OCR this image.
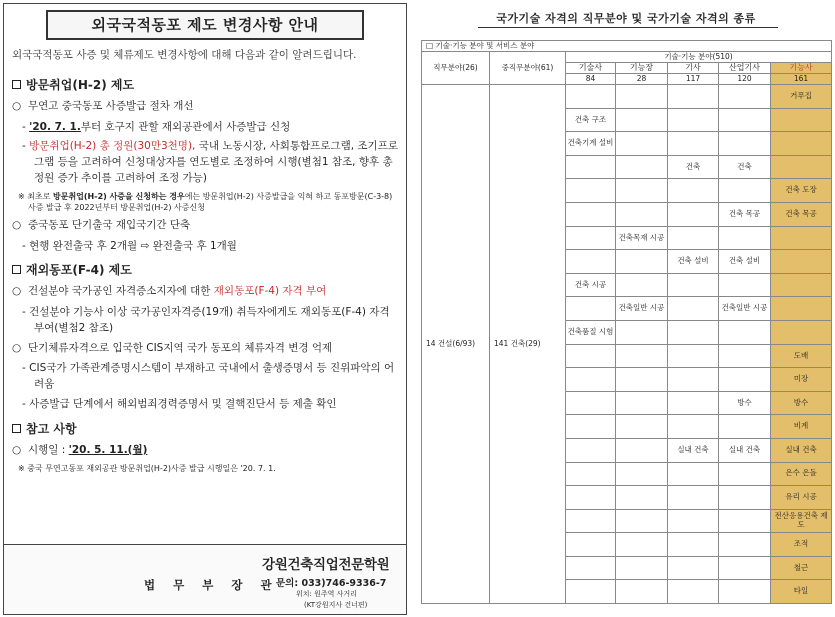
외국국적동포 제도 변경사항 안내
외국국적동포 사증 및 체류제도 변경사항에 대해 다음과 같이 알려드립니다.
방문취업(H-2) 제도
○ 무연고 중국동포 사증발급 절차 개선
- '20. 7. 1.부터 호구지 관할 재외공관에서 사증발급 신청
- 방문취업(H-2) 총 정원(30만3천명), 국내 노동시장, 사회통합프로그램, 조기프로그램 등을 고려하여 신청대상자를 연도별로 조정하여 시행(별첨1 참조, 향후 총 정원 증가 추이를 고려하여 조정 가능)
※ 최초로 방문취업(H-2) 사증을 신청하는 경우에는 방문취업(H-2) 사증발급을 익혀 하고 동포방문(C-3-8) 사증 발급 후 2022년부터 방문취업(H-2) 사증신청
○ 중국동포 단기출국 재입국기간 단축
- 현행 완전출국 후 2개월 ⇨ 완전출국 후 1개월
재외동포(F-4) 제도
○ 건설분야 국가공인 자격증소지자에 대한 재외동포(F-4) 자격 부여
- 건설분야 기능사 이상 국가공인자격증(19개) 취득자에게도 재외동포(F-4) 자격 부여(별첨2 참조)
○ 단기체류자격으로 입국한 CIS지역 국가 동포의 체류자격 변경 억제
- CIS국가 가족관계증명시스템이 부재하고 국내에서 출생증명서 등 진위파악의 어려움
- 사증발급 단계에서 해외범죄경력증명서 및 결핵진단서 등 제출 확인
참고 사항
○ 시행일 : '20. 5. 11.(월)
※ 중국 무연고동포 재외공관 방문취업(H-2)사증 발급 시행일은 '20. 7. 1.
법 무 부 장 관
강원건축직업전문학원
문의: 033)746-9336-7
위치: 원주역 사거리
(KT강원지사 건너편)
국가기술 자격의 직무분야 및 국가기술 자격의 종류
□ 기술·기능 분야 및 서비스 분야						
직무분야(26)	중직무분야(61)	기술·기능 분야(510)				
		기술사	기능장	기사	산업기사	기능사
		84	28	117	120	161
14 건설(6/93)	141 건축(29)					거푸집
		건축 구조				
		건축기계 설비				
				건축	건축	
						건축 도장
					건축 목공	건축 목공
			건축목재 시공			
				건축 설비	건축 설비	
		건축 시공				
			건축일반 시공		건축일반 시공	
		건축품질 시험				
						도배
						미장
					방수	방수
						비계
				실내 건축	실내 건축	실내 건축
						온수 온돌
						유리 시공
						전산응용건축 제도
						조적
						철근
						타일
